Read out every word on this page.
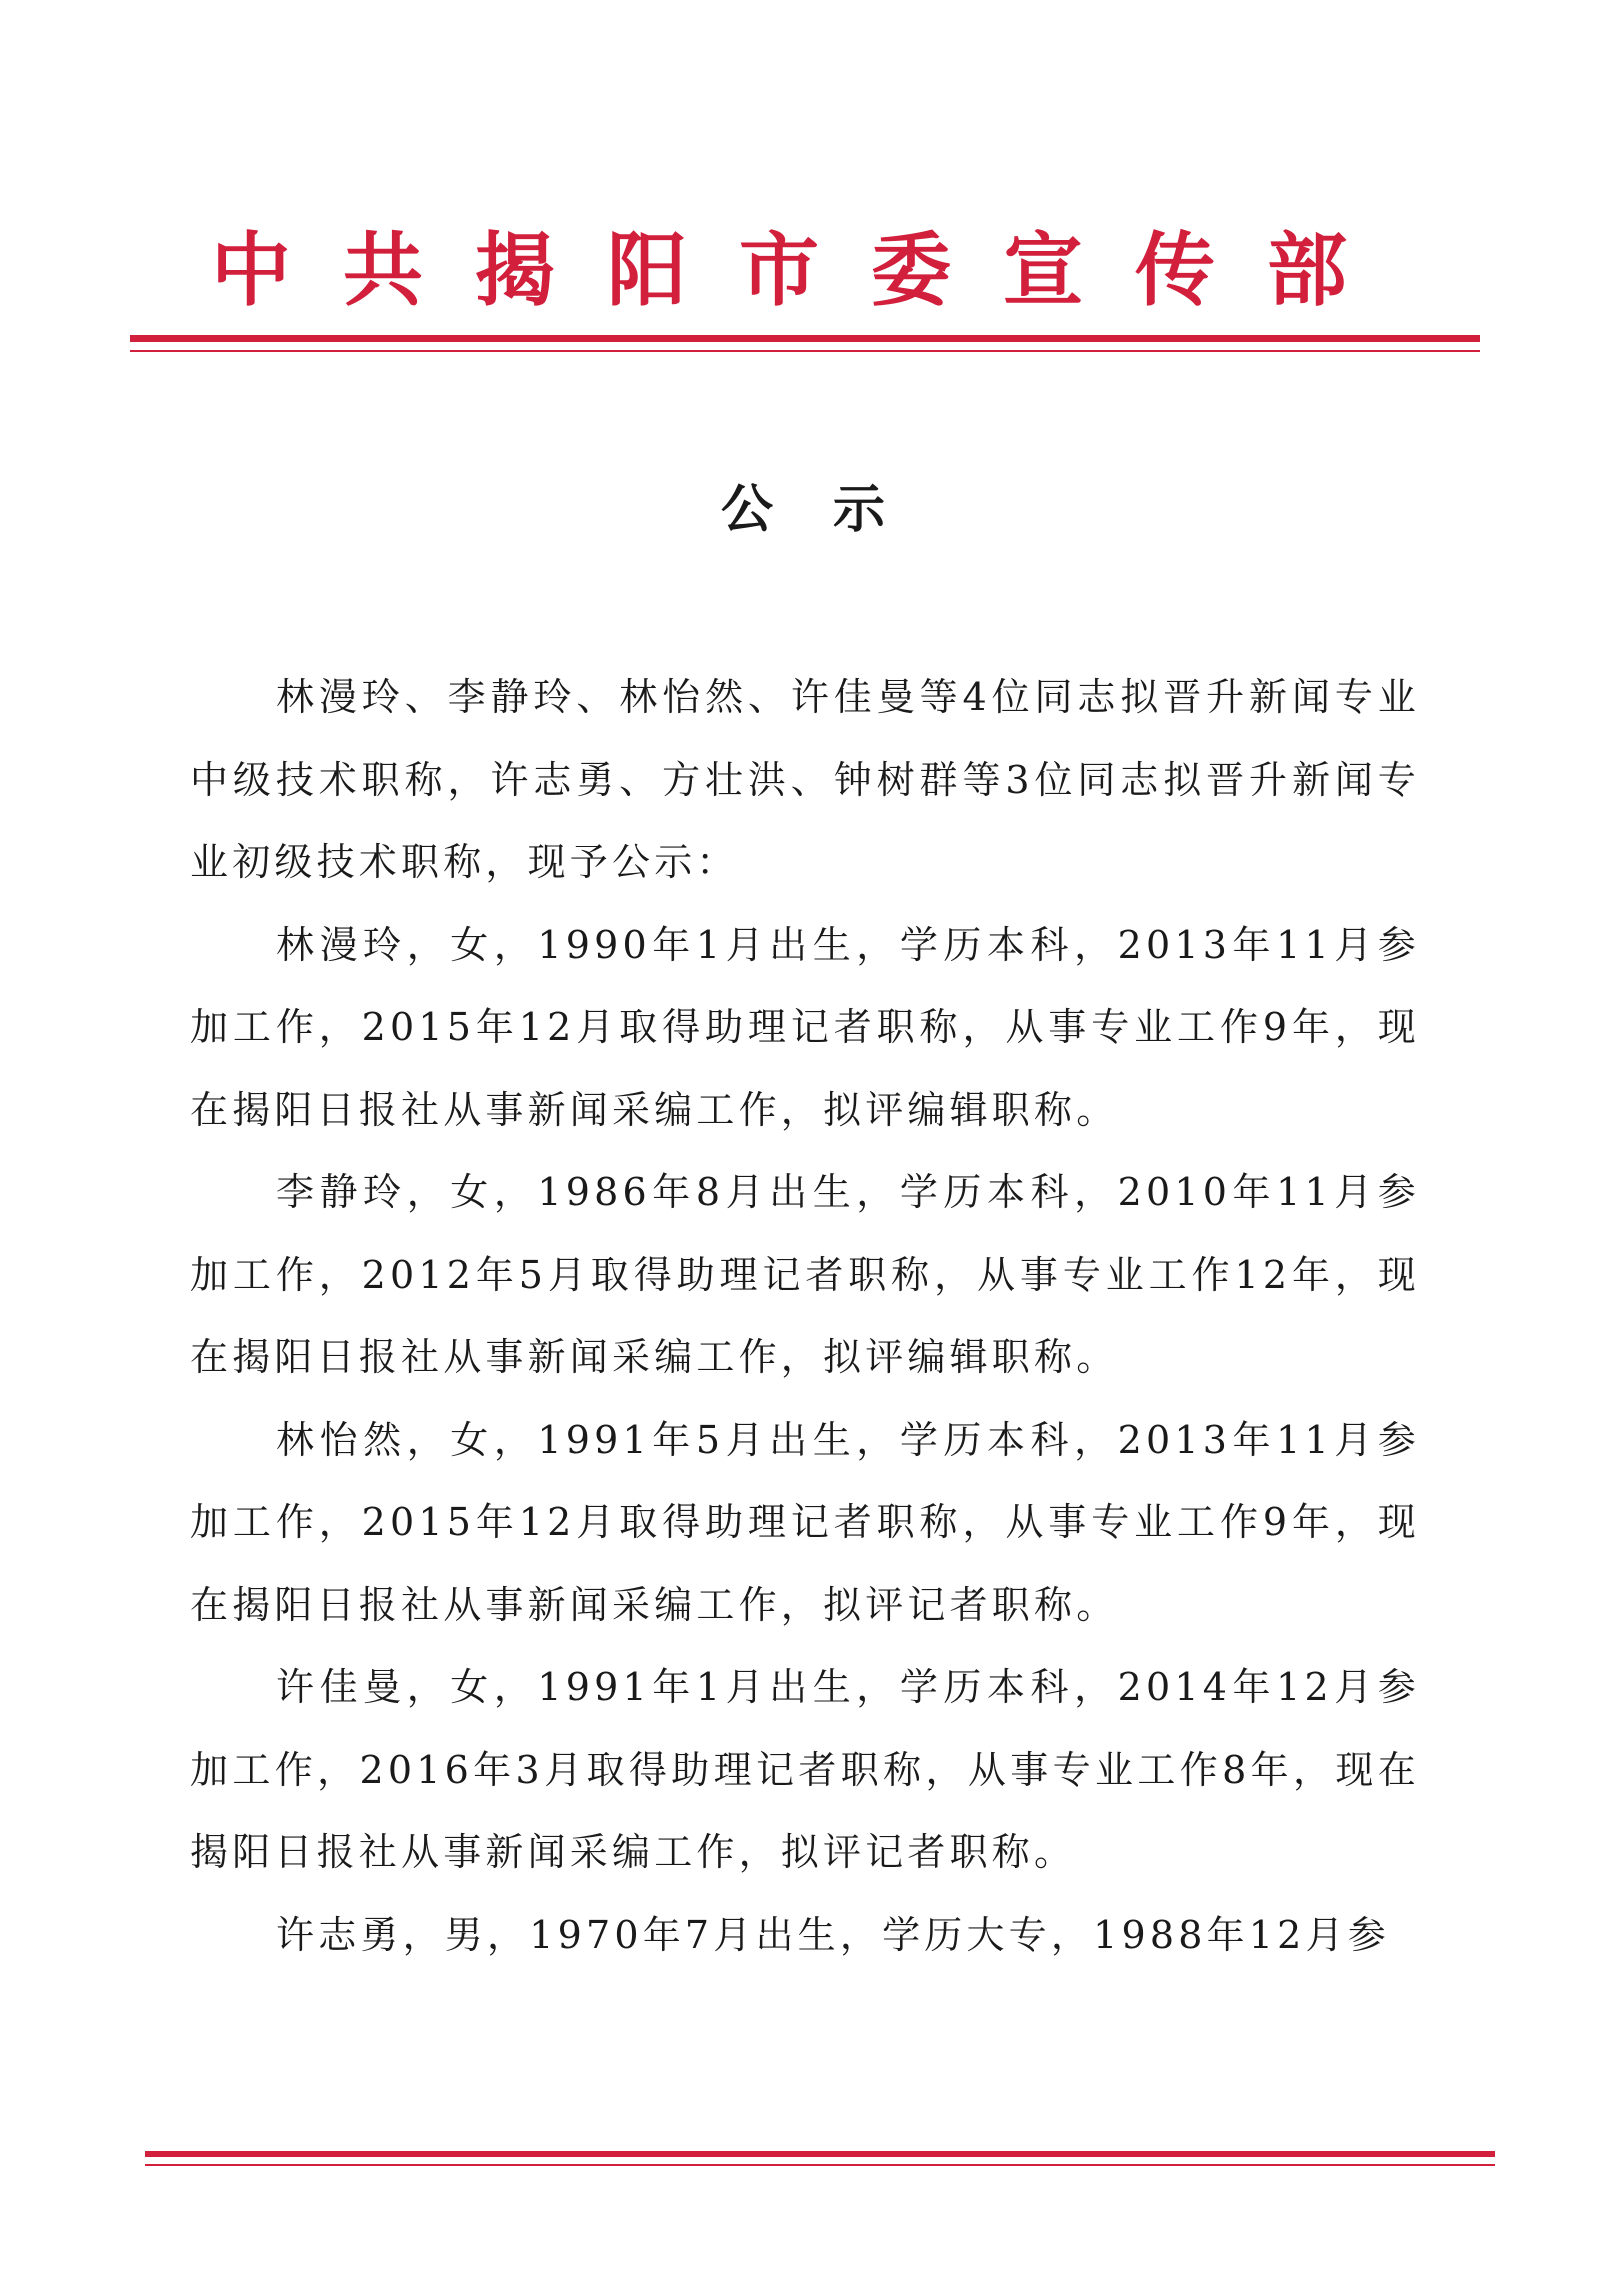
中共揭阳市委宣传部
公示

林漫玲、李静玲、林怡然、许佳曼等4位同志拟晋升新闻专业中级技术职称，许志勇、方壮洪、钟树群等3位同志拟晋升新闻专业初级技术职称，现予公示：

林漫玲，女，1990年1月出生，学历本科，2013年11月参加工作，2015年12月取得助理记者职称，从事专业工作9年，现在揭阳日报社从事新闻采编工作，拟评编辑职称。

李静玲，女，1986年8月出生，学历本科，2010年11月参加工作，2012年5月取得助理记者职称，从事专业工作12年，现在揭阳日报社从事新闻采编工作，拟评编辑职称。

林怡然，女，1991年5月出生，学历本科，2013年11月参加工作，2015年12月取得助理记者职称，从事专业工作9年，现在揭阳日报社从事新闻采编工作，拟评记者职称。

许佳曼，女，1991年1月出生，学历本科，2014年12月参加工作，2016年3月取得助理记者职称，从事专业工作8年，现在揭阳日报社从事新闻采编工作，拟评记者职称。

许志勇，男，1970年7月出生，学历大专，1988年12月参
